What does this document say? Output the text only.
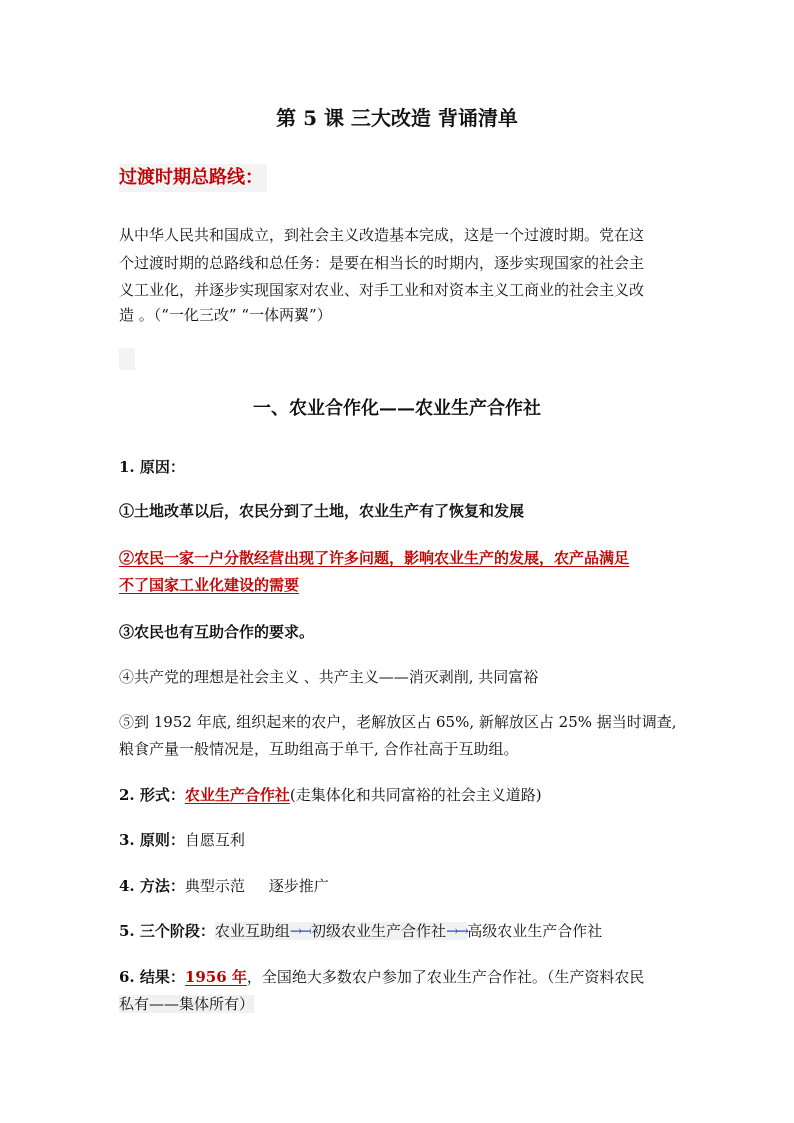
第 5 课 三大改造 背诵清单
过渡时期总路线：
从中华人民共和国成立，到社会主义改造基本完成，这是一个过渡时期。党在这
个过渡时期的总路线和总任务：是要在相当长的时期内，逐步实现国家的社会主
义工业化，并逐步实现国家对农业、对手工业和对资本主义工商业的社会主义改
造 。（“一化三改” “一体两翼”）
一、农业合作化——农业生产合作社
1. 原因：
①土地改革以后，农民分到了土地，农业生产有了恢复和发展
②农民一家一户分散经营出现了许多问题，影响农业生产的发展，农产品满足
不了国家工业化建设的需要
③农民也有互助合作的要求。
④共产党的理想是社会主义 、共产主义——消灭剥削, 共同富裕
⑤到 1952 年底, 组织起来的农户，老解放区占 65%, 新解放区占 25% 据当时调查,
粮食产量一般情况是，互助组高于单干, 合作社高于互助组。
2. 形式：农业生产合作社(走集体化和共同富裕的社会主义道路)
3. 原则：自愿互利
4. 方法：典型示范     逐步推广
5. 三个阶段：农业互助组→→初级农业生产合作社→→高级农业生产合作社
6. 结果：1956 年，全国绝大多数农户参加了农业生产合作社。（生产资料农民
私有——集体所有）
